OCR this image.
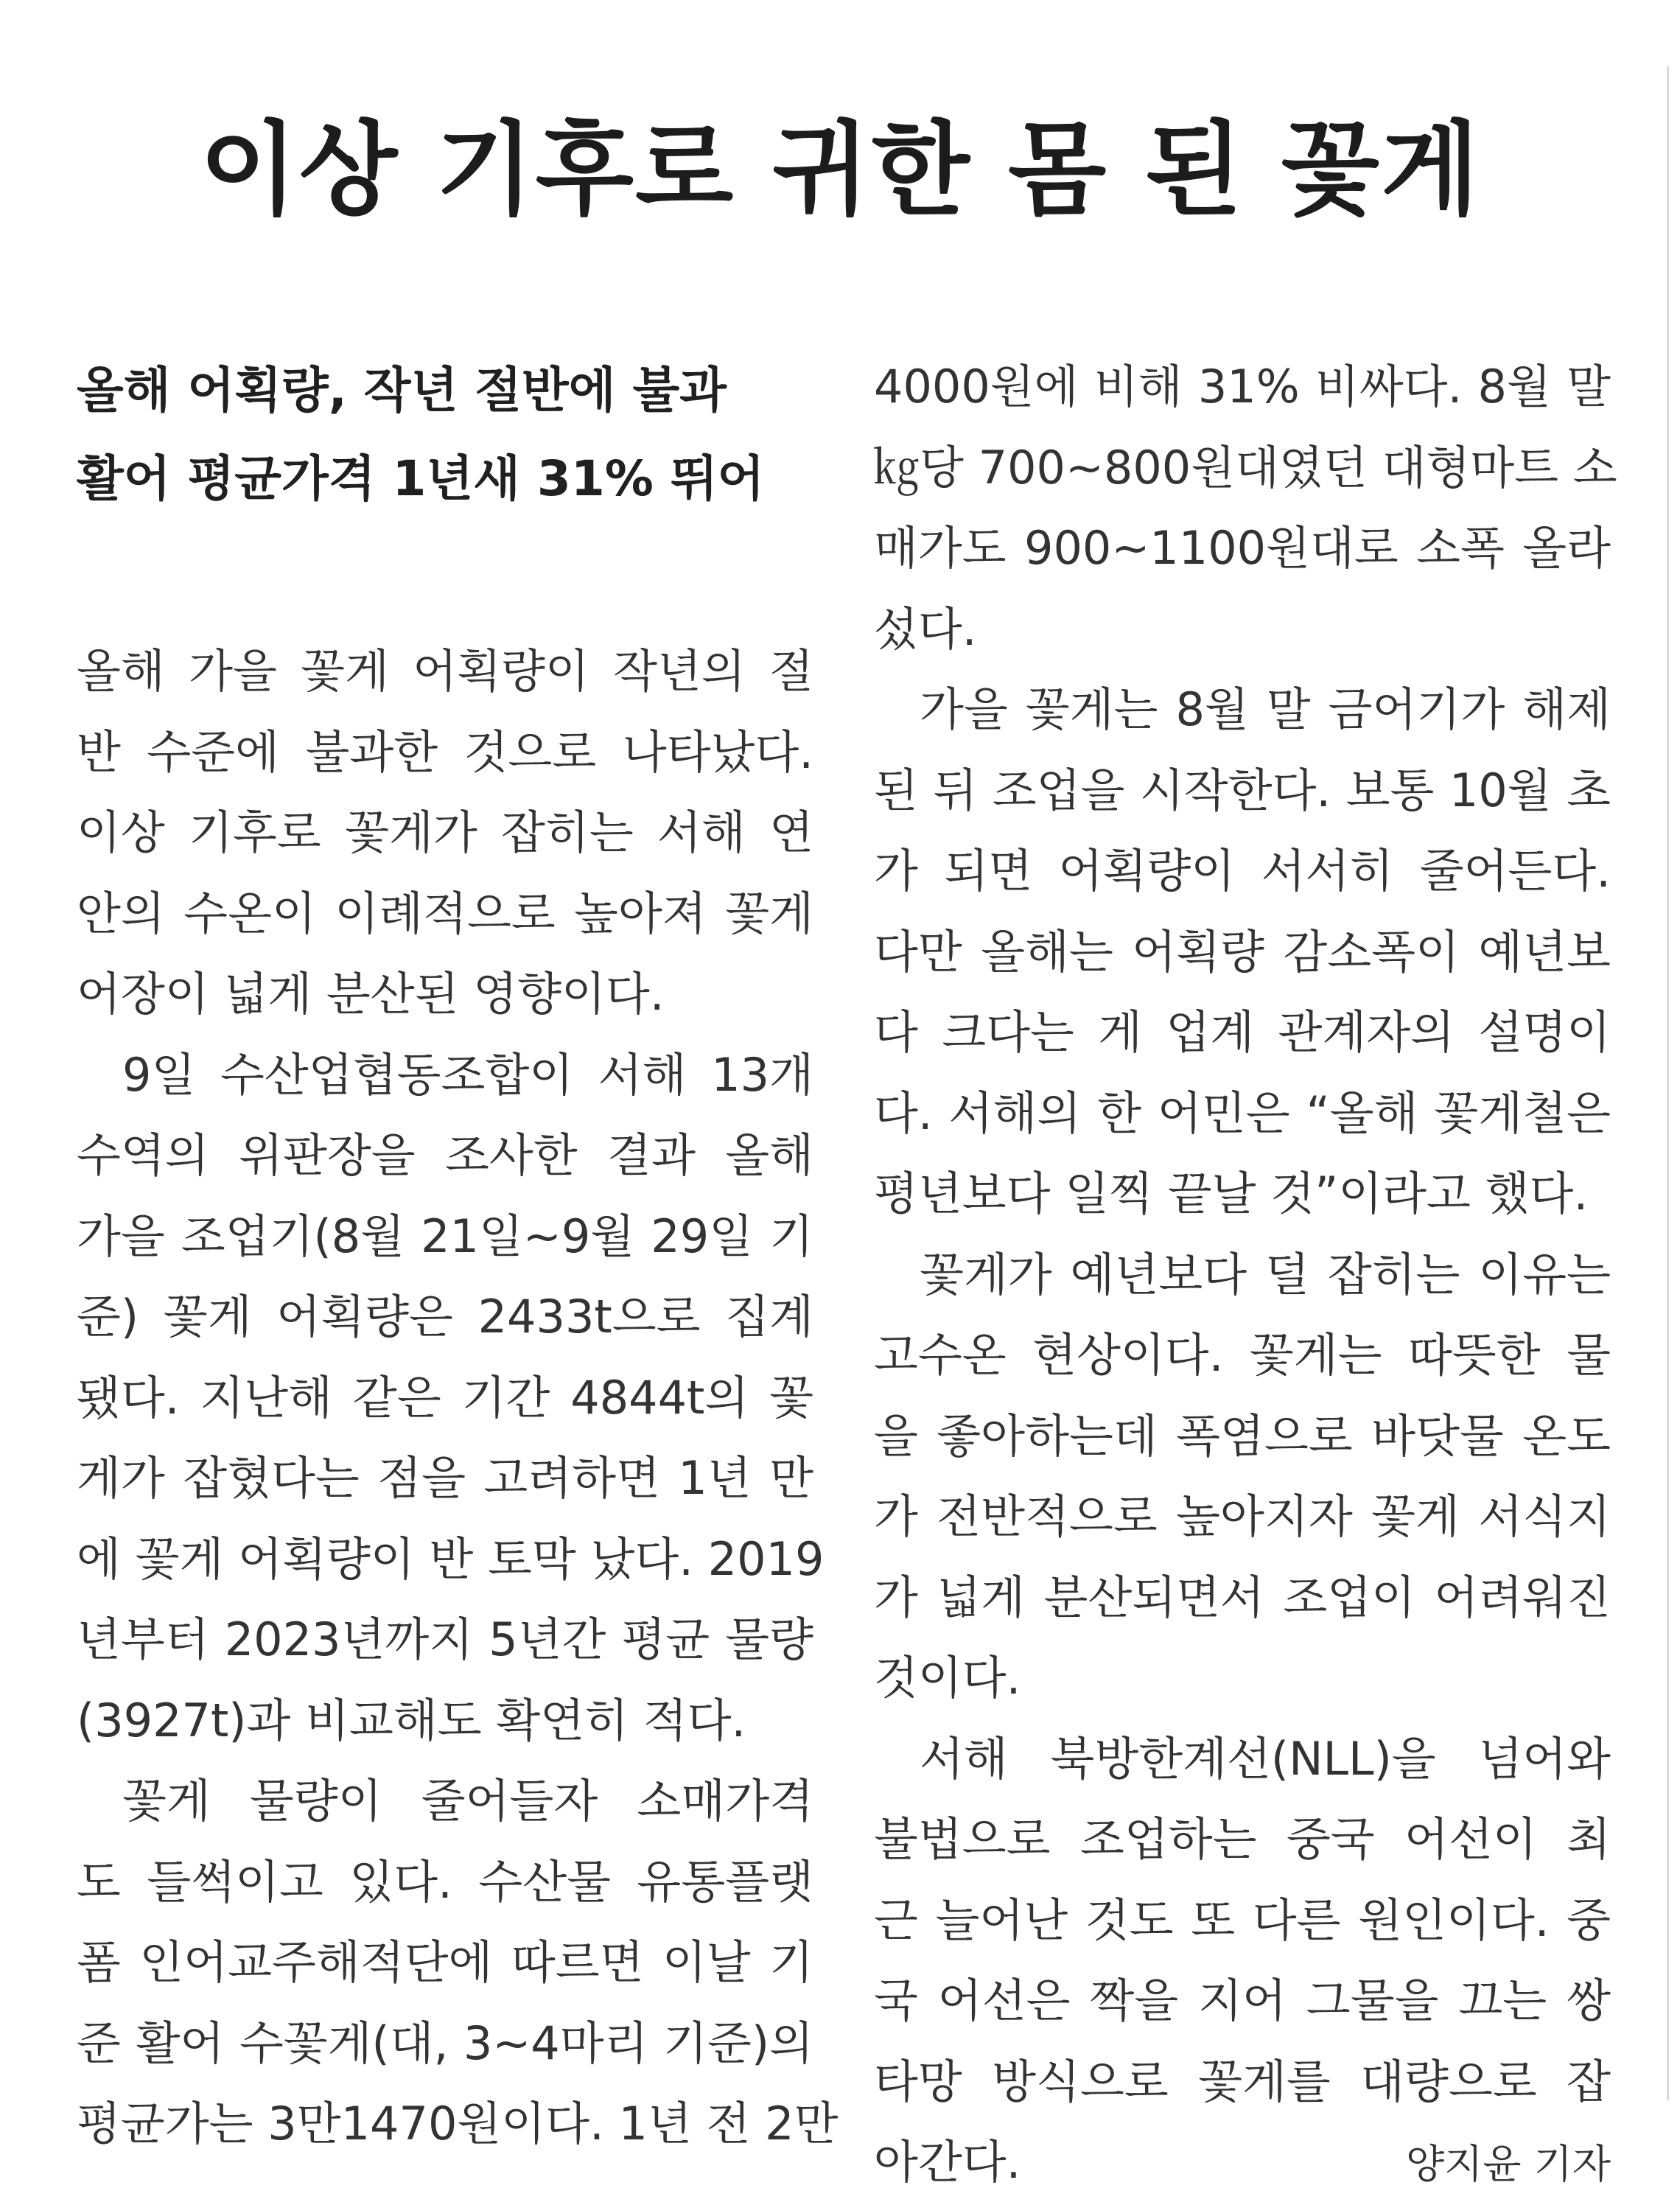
이상 기후로 귀한 몸 된 꽃게
올해 어획량, 작년 절반에 불과
활어 평균가격 1년새 31% 뛰어
올해 가을 꽃게 어획량이 작년의 절
반 수준에 불과한 것으로 나타났다.
이상 기후로 꽃게가 잡히는 서해 연
안의 수온이 이례적으로 높아져 꽃게
어장이 넓게 분산된 영향이다.
9일 수산업협동조합이 서해 13개
수역의 위판장을 조사한 결과 올해
가을 조업기(8월 21일~9월 29일 기
준) 꽃게 어획량은 2433t으로 집계
됐다. 지난해 같은 기간 4844t의 꽃
게가 잡혔다는 점을 고려하면 1년 만
에 꽃게 어획량이 반 토막 났다. 2019
년부터 2023년까지 5년간 평균 물량
(3927t)과 비교해도 확연히 적다.
꽃게 물량이 줄어들자 소매가격
도 들썩이고 있다. 수산물 유통플랫
폼 인어교주해적단에 따르면 이날 기
준 활어 수꽃게(대, 3~4마리 기준)의
평균가는 3만1470원이다. 1년 전 2만
4000원에 비해 31% 비싸다. 8월 말
㎏당 700~800원대였던 대형마트 소
매가도 900~1100원대로 소폭 올라
섰다.
가을 꽃게는 8월 말 금어기가 해제
된 뒤 조업을 시작한다. 보통 10월 초
가 되면 어획량이 서서히 줄어든다.
다만 올해는 어획량 감소폭이 예년보
다 크다는 게 업계 관계자의 설명이
다. 서해의 한 어민은 “올해 꽃게철은
평년보다 일찍 끝날 것”이라고 했다.
꽃게가 예년보다 덜 잡히는 이유는
고수온 현상이다. 꽃게는 따뜻한 물
을 좋아하는데 폭염으로 바닷물 온도
가 전반적으로 높아지자 꽃게 서식지
가 넓게 분산되면서 조업이 어려워진
것이다.
서해 북방한계선(NLL)을 넘어와
불법으로 조업하는 중국 어선이 최
근 늘어난 것도 또 다른 원인이다. 중
국 어선은 짝을 지어 그물을 끄는 쌍
타망 방식으로 꽃게를 대량으로 잡
아간다.	양지윤 기자
